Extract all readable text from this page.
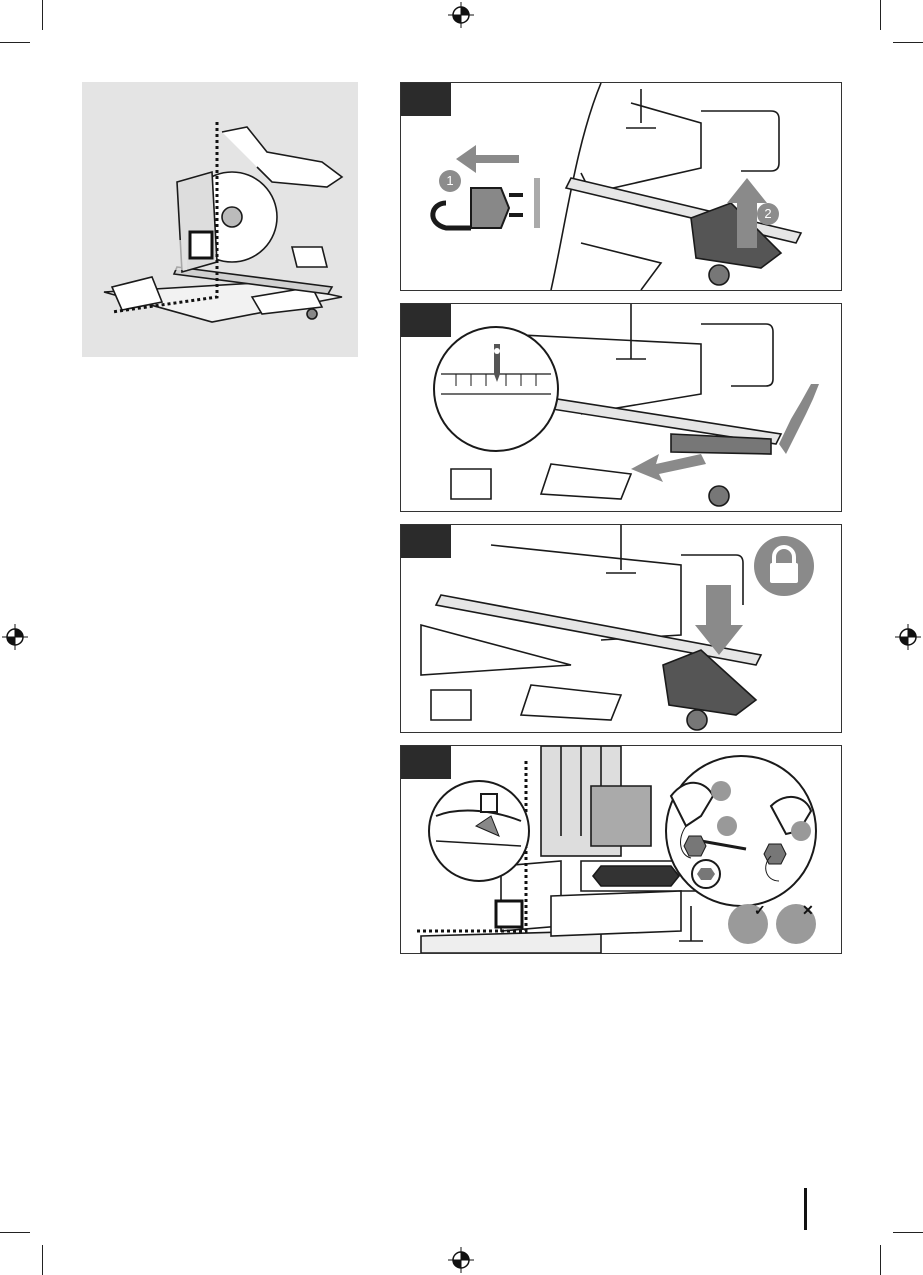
1
2
✓	✕
